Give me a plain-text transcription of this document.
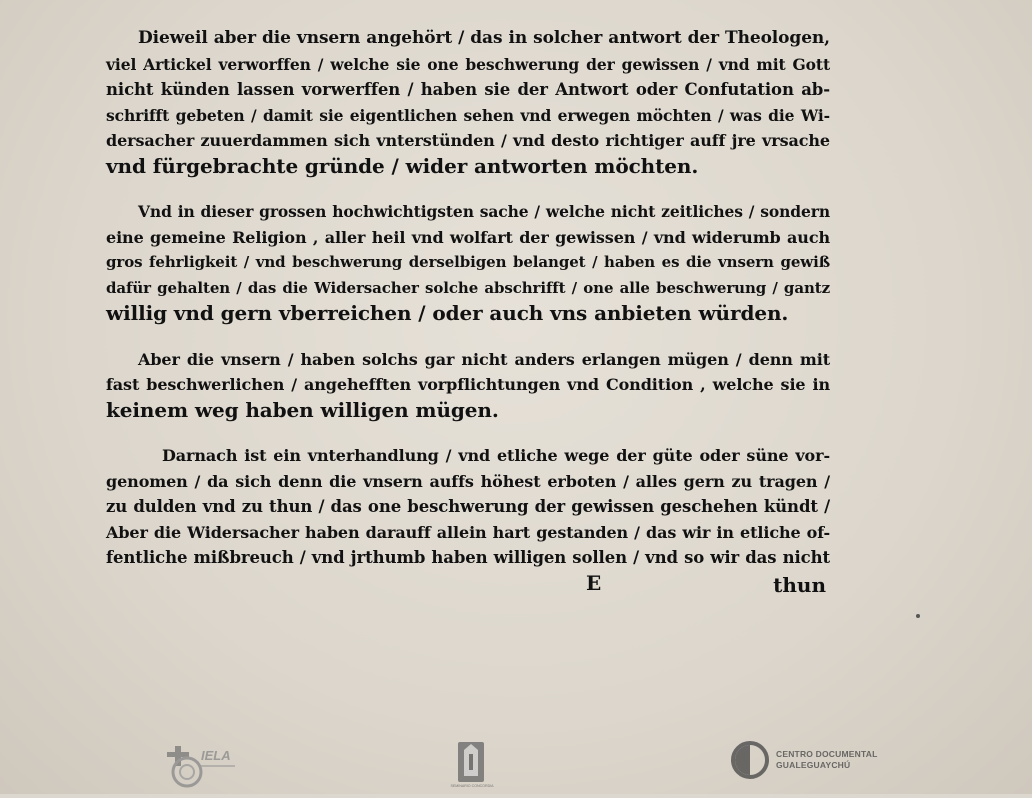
Dieweil aber die vnsern angehört / das in solcher antwort der Theologen,
viel Artickel verworffen / welche sie one beschwerung der gewissen / vnd mit Gott
nicht künden lassen vorwerffen / haben sie der Antwort oder Confutation ab-
schrifft gebeten / damit sie eigentlichen sehen vnd erwegen möchten / was die Wi-
dersacher zuuerdammen sich vnterstünden / vnd desto richtiger auff jre vrsache
vnd fürgebrachte gründe / wider antworten möchten.
Vnd in dieser grossen hochwichtigsten sache / welche nicht zeitliches / sondern
eine gemeine Religion , aller heil vnd wolfart der gewissen / vnd widerumb auch
gros fehrligkeit / vnd beschwerung derselbigen belanget / haben es die vnsern gewiß
dafür gehalten / das die Widersacher solche abschrifft / one alle beschwerung / gantz
willig vnd gern vberreichen / oder auch vns anbieten würden.
Aber die vnsern / haben solchs gar nicht anders erlangen mügen / denn mit
fast beschwerlichen / angehefften vorpflichtungen vnd Condition , welche sie in
keinem weg haben willigen mügen.
Darnach ist ein vnterhandlung / vnd etliche wege der güte oder süne vor-
genomen / da sich denn die vnsern auffs höhest erboten / alles gern zu tragen /
zu dulden vnd zu thun / das one beschwerung der gewissen geschehen kündt /
Aber die Widersacher haben darauff allein hart gestanden / das wir in etliche of-
fentliche mißbreuch / vnd jrthumb haben willigen sollen / vnd so wir das nicht
E	thun
IELA
SEMINARIO CONCORDIA
CENTRO DOCUMENTAL
GUALEGUAYCHÚ
